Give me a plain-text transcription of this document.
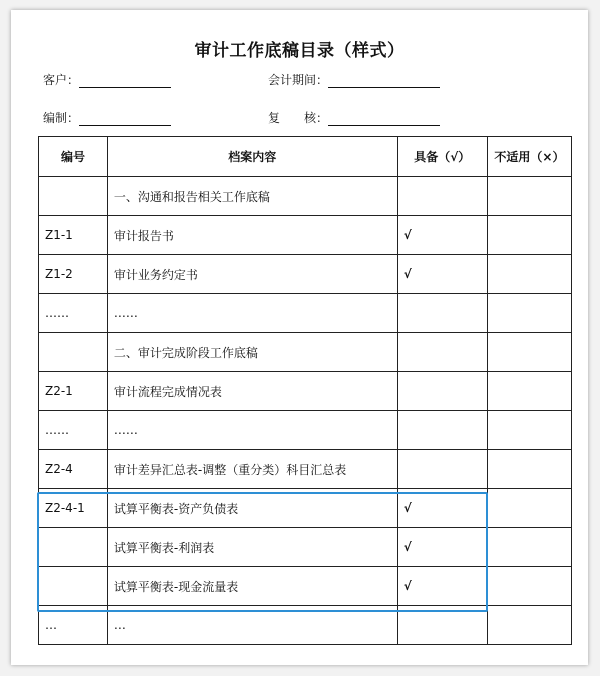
审计工作底稿目录（样式）
客户：	会计期间：
编制：	复　　核：
编号	档案内容	具备（√）	不适用（×）
	一、沟通和报告相关工作底稿		
Z1-1	审计报告书	√	
Z1-2	审计业务约定书	√	
……	……		
	二、审计完成阶段工作底稿		
Z2-1	审计流程完成情况表		
……	……		
Z2-4	审计差异汇总表-调整（重分类）科目汇总表		
Z2-4-1	试算平衡表-资产负债表	√	
	试算平衡表-利润表	√	
	试算平衡表-现金流量表	√	
…	…		
